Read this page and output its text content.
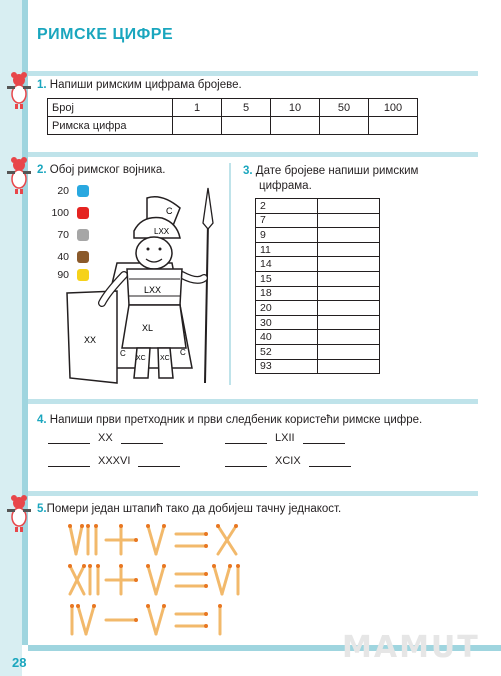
РИМСКЕ ЦИФРЕ
1. Напиши римским цифрама бројеве.
Број	1	5	10	50	100
Римска цифра					
2. Обој римског војника.
20
100
70
40
90
XX
C
LXX
LXX
XL
C
XC XC
C
3. Дате бројеве напиши римским
цифрама.
2	
7	
9	
11	
14	
15	
18	
20	
30	
40	
52	
93	
4. Напиши први претходник и први следбеник користећи римске цифре.
XX	LXII
XXXVI	XCIX
5.Помери један штапић тако да добијеш тачну једнакост.
MAMUT
28
